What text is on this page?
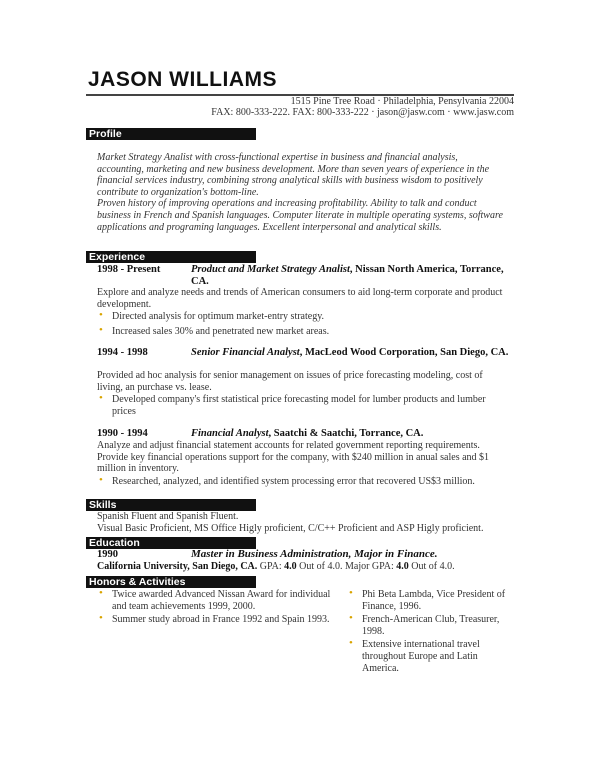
JASON WILLIAMS
1515 Pine Tree Road · Philadelphia, Pensylvania 22004
FAX: 800-333-222. FAX: 800-333-222 · jason@jasw.com · www.jasw.com
Profile

Market Strategy Analist with cross-functional expertise in business and financial analysis, accounting, marketing and new business development. More than seven years of experience in the financial services industry, combining strong analytical skills with business wisdom to positively contribute to organization's bottom-line.

Proven history of improving operations and increasing profitability. Ability to talk and conduct business in French and Spanish languages. Computer literate in multiple operating systems, software applications and programing languages. Excellent interpersonal and analytical skills.

Experience
1998 - Present	Product and Market Strategy Analist, Nissan North America, Torrance, CA.
Explore and analyze needs and trends of American consumers to aid long-term corporate and product development.
• Directed analysis for optimum market-entry strategy.
• Increased sales 30% and penetrated new market areas.
1994 - 1998	Senior Financial Analyst, MacLeod Wood Corporation, San Diego, CA.
Provided ad hoc analysis for senior management on issues of price forecasting modeling, cost of living, an purchase vs. lease.
• Developed company's first statistical price forecasting model for lumber products and lumber prices
1990 - 1994	Financial Analyst, Saatchi & Saatchi, Torrance, CA.
Analyze and adjust financial statement accounts for related government reporting requirements. Provide key financial operations support for the company, with $240 million in anual sales and $1 million in inventory.
• Researched, analyzed, and identified system processing error that recovered US$3 million.
Skills
Spanish Fluent and Spanish Fluent.
Visual Basic Proficient, MS Office Higly proficient, C/C++ Proficient and ASP Higly proficient.
Education
1990	Master in Business Administration, Major in Finance.
California University, San Diego, CA. GPA: 4.0 Out of 4.0. Major GPA: 4.0 Out of 4.0.
Honors & Activities
• Twice awarded Advanced Nissan Award for individual and team achievements 1999, 2000.
• Summer study abroad in France 1992 and Spain 1993.
• Phi Beta Lambda, Vice President of Finance, 1996.
• French-American Club, Treasurer, 1998.
• Extensive international travel throughout Europe and Latin America.
